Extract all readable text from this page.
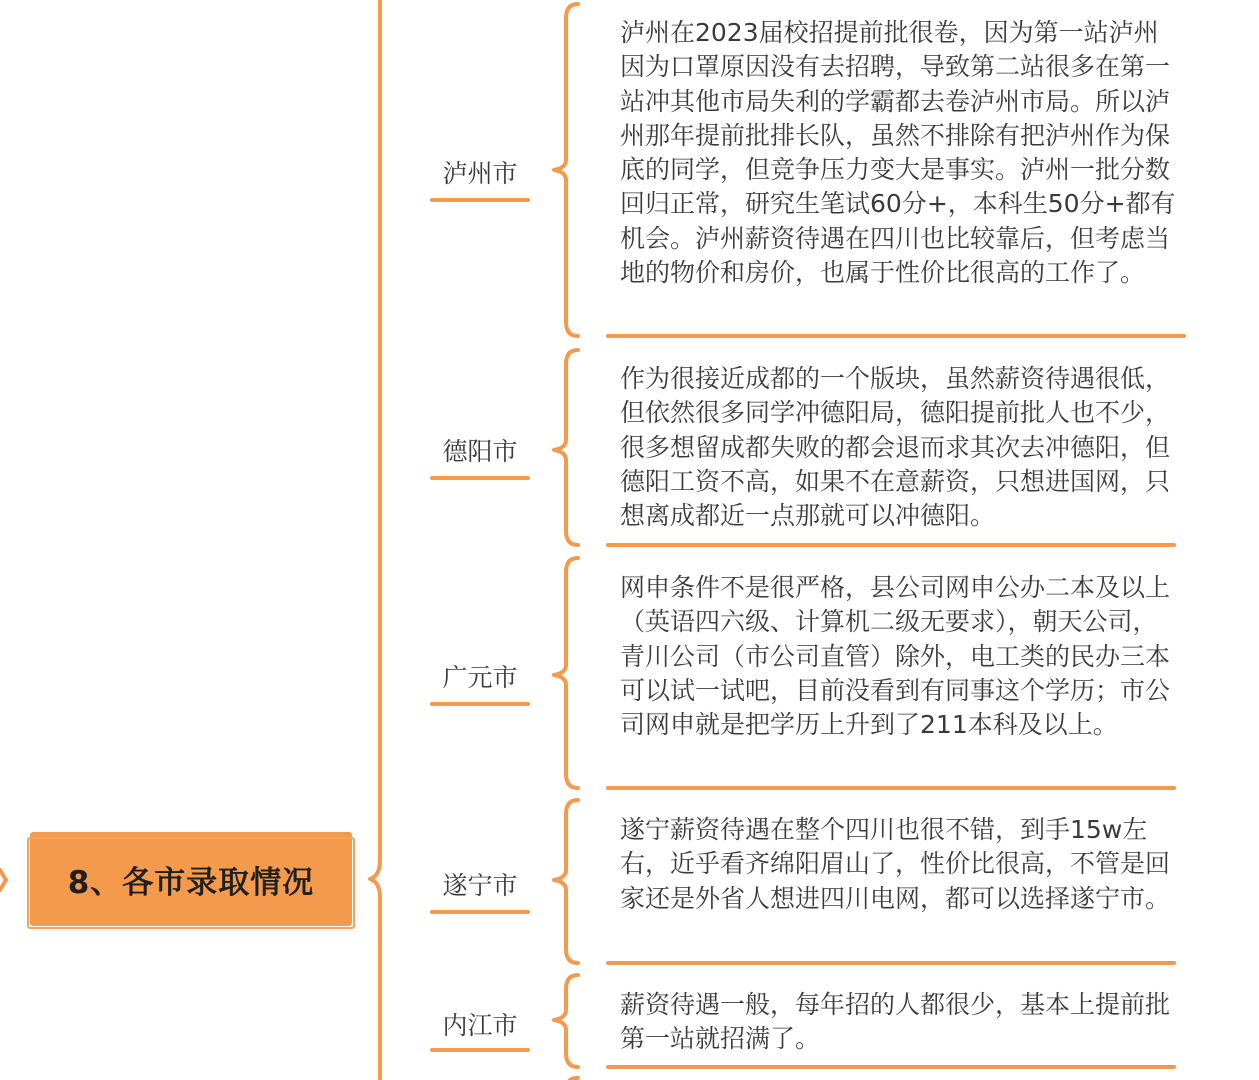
8、各市录取情况
泸州市
泸州在2023届校招提前批很卷，因为第一站泸州因为口罩原因没有去招聘，导致第二站很多在第一站冲其他市局失利的学霸都去卷泸州市局。所以泸州那年提前批排长队，虽然不排除有把泸州作为保底的同学，但竞争压力变大是事实。泸州一批分数回归正常，研究生笔试60分+，本科生50分+都有机会。泸州薪资待遇在四川也比较靠后，但考虑当地的物价和房价，也属于性价比很高的工作了。
德阳市
作为很接近成都的一个版块，虽然薪资待遇很低，但依然很多同学冲德阳局，德阳提前批人也不少，很多想留成都失败的都会退而求其次去冲德阳，但德阳工资不高，如果不在意薪资，只想进国网，只想离成都近一点那就可以冲德阳。
广元市
网申条件不是很严格，县公司网申公办二本及以上（英语四六级、计算机二级无要求），朝天公司，青川公司（市公司直管）除外，电工类的民办三本可以试一试吧，目前没看到有同事这个学历；市公司网申就是把学历上升到了211本科及以上。
遂宁市
遂宁薪资待遇在整个四川也很不错，到手15w左右，近乎看齐绵阳眉山了，性价比很高，不管是回家还是外省人想进四川电网，都可以选择遂宁市。
内江市
薪资待遇一般，每年招的人都很少，基本上提前批第一站就招满了。
